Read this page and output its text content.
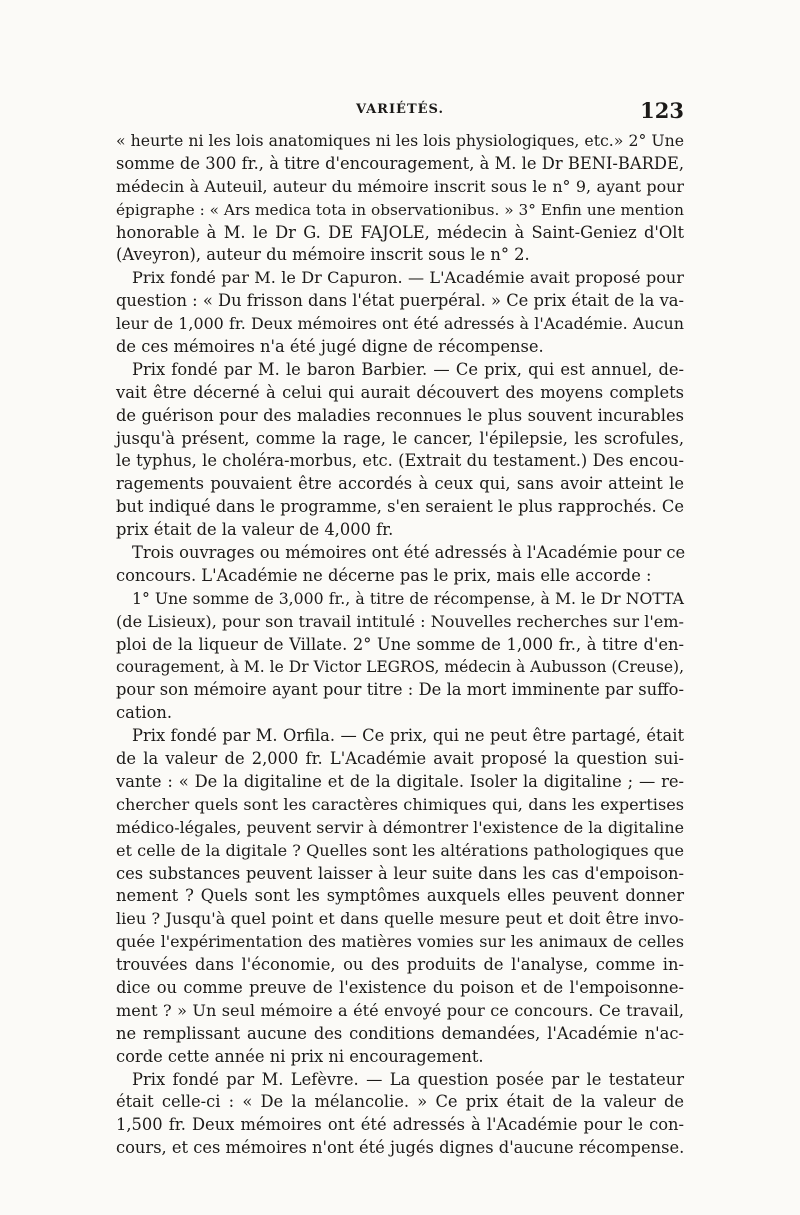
VARIÉTÉS.	123
« heurte ni les lois anatomiques ni les lois physiologiques, etc.» 2° Une
somme de 300 fr., à titre d'encouragement, à M. le Dr BENI-BARDE,
médecin à Auteuil, auteur du mémoire inscrit sous le n° 9, ayant pour
épigraphe : « Ars medica tota in observationibus. » 3° Enfin une mention
honorable à M. le Dr G. DE FAJOLE, médecin à Saint-Geniez d'Olt
(Aveyron), auteur du mémoire inscrit sous le n° 2.
Prix fondé par M. le Dr Capuron. — L'Académie avait proposé pour
question : « Du frisson dans l'état puerpéral. » Ce prix était de la va-
leur de 1,000 fr. Deux mémoires ont été adressés à l'Académie. Aucun
de ces mémoires n'a été jugé digne de récompense.
Prix fondé par M. le baron Barbier. — Ce prix, qui est annuel, de-
vait être décerné à celui qui aurait découvert des moyens complets
de guérison pour des maladies reconnues le plus souvent incurables
jusqu'à présent, comme la rage, le cancer, l'épilepsie, les scrofules,
le typhus, le choléra-morbus, etc. (Extrait du testament.) Des encou-
ragements pouvaient être accordés à ceux qui, sans avoir atteint le
but indiqué dans le programme, s'en seraient le plus rapprochés. Ce
prix était de la valeur de 4,000 fr.
Trois ouvrages ou mémoires ont été adressés à l'Académie pour ce
concours. L'Académie ne décerne pas le prix, mais elle accorde :
1° Une somme de 3,000 fr., à titre de récompense, à M. le Dr NOTTA
(de Lisieux), pour son travail intitulé : Nouvelles recherches sur l'em-
ploi de la liqueur de Villate. 2° Une somme de 1,000 fr., à titre d'en-
couragement, à M. le Dr Victor LEGROS, médecin à Aubusson (Creuse),
pour son mémoire ayant pour titre : De la mort imminente par suffo-
cation.
Prix fondé par M. Orfila. — Ce prix, qui ne peut être partagé, était
de la valeur de 2,000 fr. L'Académie avait proposé la question sui-
vante : « De la digitaline et de la digitale. Isoler la digitaline ; — re-
chercher quels sont les caractères chimiques qui, dans les expertises
médico-légales, peuvent servir à démontrer l'existence de la digitaline
et celle de la digitale ? Quelles sont les altérations pathologiques que
ces substances peuvent laisser à leur suite dans les cas d'empoison-
nement ? Quels sont les symptômes auxquels elles peuvent donner
lieu ? Jusqu'à quel point et dans quelle mesure peut et doit être invo-
quée l'expérimentation des matières vomies sur les animaux de celles
trouvées dans l'économie, ou des produits de l'analyse, comme in-
dice ou comme preuve de l'existence du poison et de l'empoisonne-
ment ? » Un seul mémoire a été envoyé pour ce concours. Ce travail,
ne remplissant aucune des conditions demandées, l'Académie n'ac-
corde cette année ni prix ni encouragement.
Prix fondé par M. Lefèvre. — La question posée par le testateur
était celle-ci : « De la mélancolie. » Ce prix était de la valeur de
1,500 fr. Deux mémoires ont été adressés à l'Académie pour le con-
cours, et ces mémoires n'ont été jugés dignes d'aucune récompense.
